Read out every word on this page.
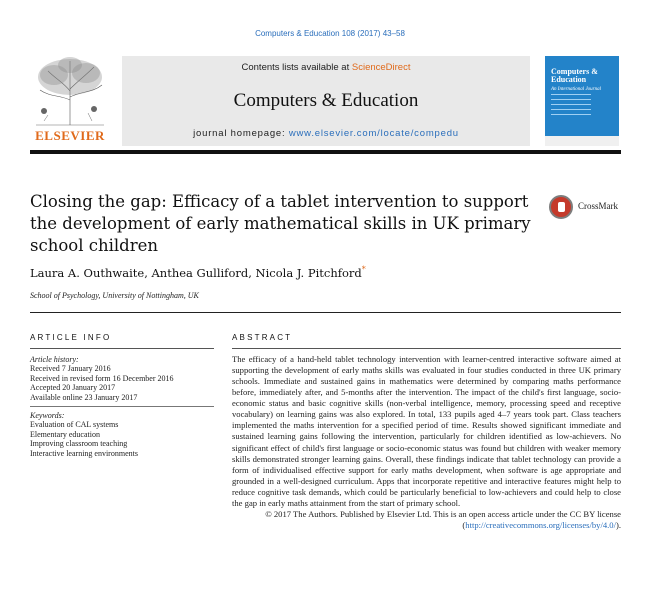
Computers & Education 108 (2017) 43–58
ELSEVIER
Contents lists available at ScienceDirect
Computers & Education
journal homepage: www.elsevier.com/locate/compedu
Computers & Education
An International Journal
Closing the gap: Efficacy of a tablet intervention to support the development of early mathematical skills in UK primary school children
CrossMark
Laura A. Outhwaite, Anthea Gulliford, Nicola J. Pitchford*
School of Psychology, University of Nottingham, UK
ARTICLE INFO	ABSTRACT
Article history:
Received 7 January 2016
Received in revised form 16 December 2016
Accepted 20 January 2017
Available online 23 January 2017
Keywords:
Evaluation of CAL systems
Elementary education
Improving classroom teaching
Interactive learning environments

The efficacy of a hand-held tablet technology intervention with learner-centred interactive software aimed at supporting the development of early maths skills was evaluated in four studies conducted in three UK primary schools. Immediate and sustained gains in mathematics were determined by comparing maths performance before, immediately after, and 5-months after the intervention. The impact of the child's first language, socio-economic status and basic cognitive skills (non-verbal intelligence, memory, processing speed and receptive vocabulary) on learning gains was also explored. In total, 133 pupils aged 4–7 years took part. Class teachers implemented the maths intervention for a specified period of time. Results showed significant immediate and sustained learning gains following the intervention, particularly for children identified as low-achievers. No significant effect of child's first language or socio-economic status was found but children with weaker memory skills demonstrated stronger learning gains. Overall, these findings indicate that tablet technology can provide a form of individualised effective support for early maths development, when software is age appropriate and grounded in a well-designed curriculum. Apps that incorporate repetitive and interactive features might help to reduce cognitive task demands, which could be particularly beneficial to low-achievers and could help to close the gap in early maths attainment from the start of primary school.

© 2017 The Authors. Published by Elsevier Ltd. This is an open access article under the CC BY license (http://creativecommons.org/licenses/by/4.0/).
